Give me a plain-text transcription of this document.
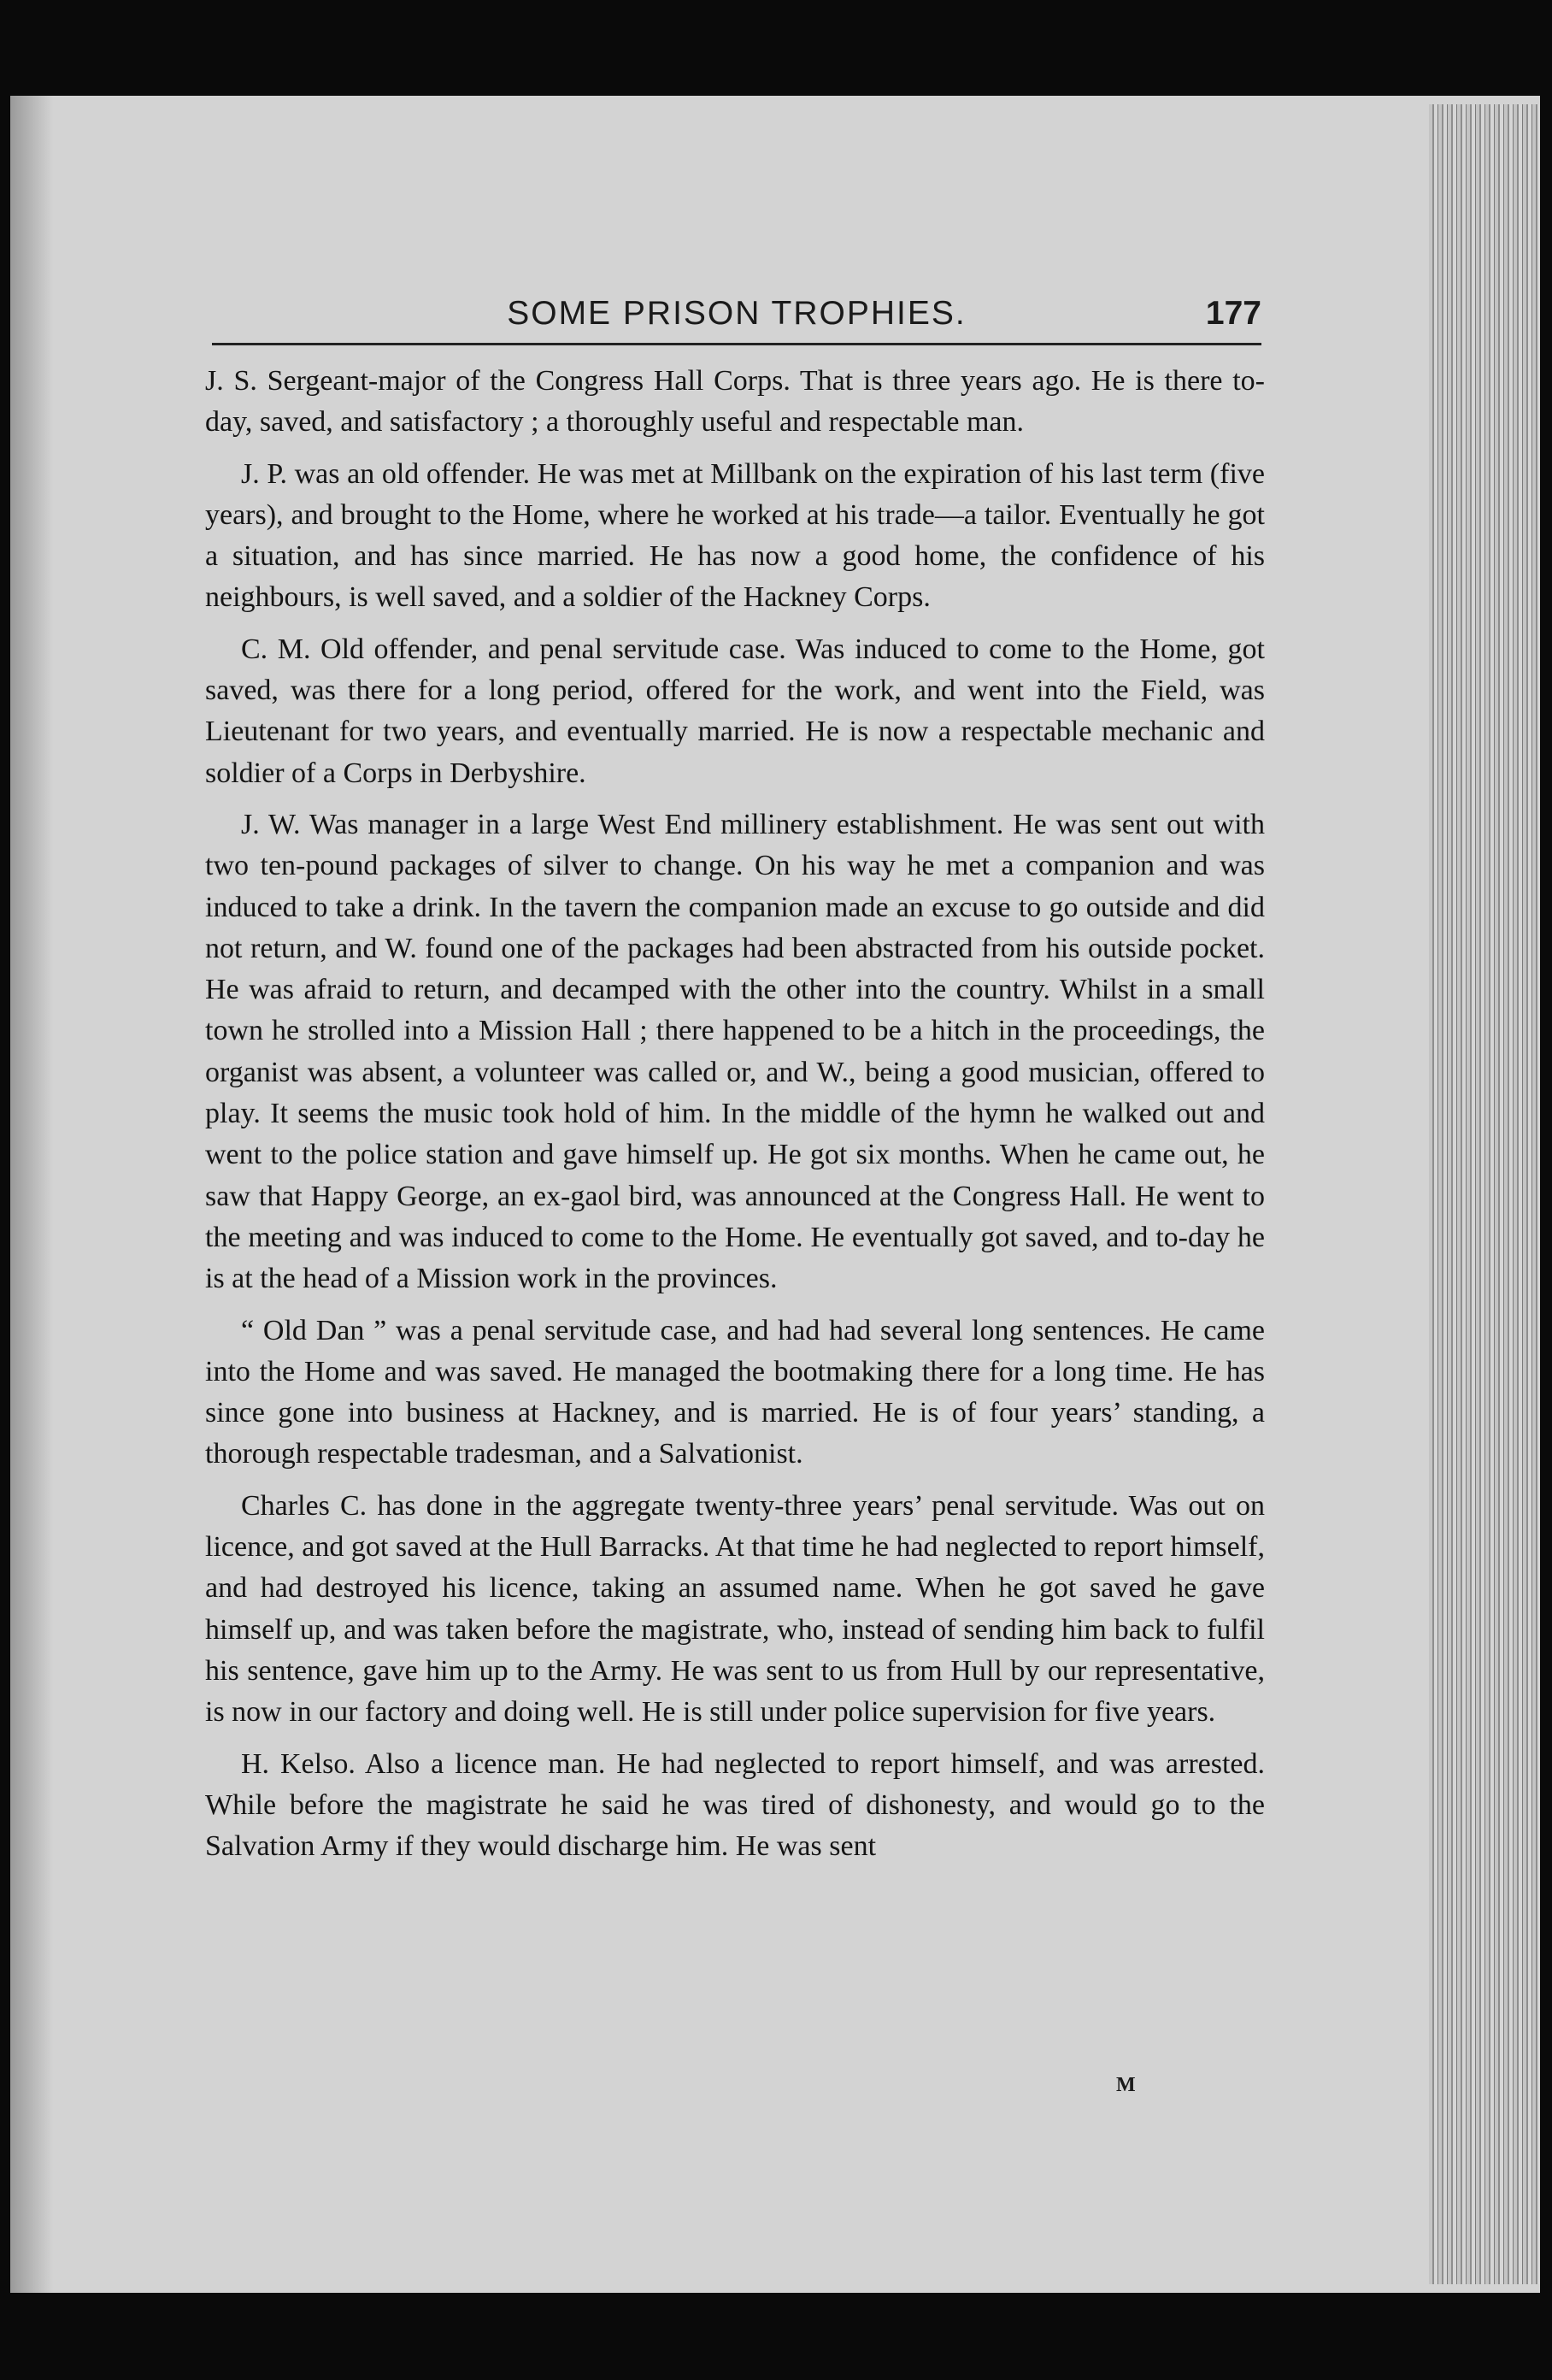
SOME PRISON TROPHIES.	177

J. S. Sergeant-major of the Congress Hall Corps. That is three years ago. He is there to-day, saved, and satisfactory ; a thoroughly useful and respectable man.

J. P. was an old offender. He was met at Millbank on the expiration of his last term (five years), and brought to the Home, where he worked at his trade—a tailor. Eventually he got a situation, and has since married. He has now a good home, the confidence of his neighbours, is well saved, and a soldier of the Hackney Corps.

C. M. Old offender, and penal servitude case. Was induced to come to the Home, got saved, was there for a long period, offered for the work, and went into the Field, was Lieutenant for two years, and eventually married. He is now a respectable mechanic and soldier of a Corps in Derbyshire.

J. W. Was manager in a large West End millinery establishment. He was sent out with two ten-pound packages of silver to change. On his way he met a companion and was induced to take a drink. In the tavern the companion made an excuse to go outside and did not return, and W. found one of the packages had been abstracted from his outside pocket. He was afraid to return, and decamped with the other into the country. Whilst in a small town he strolled into a Mission Hall ; there happened to be a hitch in the proceedings, the organist was absent, a volunteer was called or, and W., being a good musician, offered to play. It seems the music took hold of him. In the middle of the hymn he walked out and went to the police station and gave himself up. He got six months. When he came out, he saw that Happy George, an ex-gaol bird, was announced at the Congress Hall. He went to the meeting and was induced to come to the Home. He eventually got saved, and to-day he is at the head of a Mission work in the provinces.

“ Old Dan ” was a penal servitude case, and had had several long sentences. He came into the Home and was saved. He managed the bootmaking there for a long time. He has since gone into business at Hackney, and is married. He is of four years’ standing, a thorough respectable tradesman, and a Salvationist.

Charles C. has done in the aggregate twenty-three years’ penal servitude. Was out on licence, and got saved at the Hull Barracks. At that time he had neglected to report himself, and had destroyed his licence, taking an assumed name. When he got saved he gave himself up, and was taken before the magistrate, who, instead of sending him back to fulfil his sentence, gave him up to the Army. He was sent to us from Hull by our representative, is now in our factory and doing well. He is still under police supervision for five years.

H. Kelso. Also a licence man. He had neglected to report himself, and was arrested. While before the magistrate he said he was tired of dishonesty, and would go to the Salvation Army if they would discharge him. He was sent

M
